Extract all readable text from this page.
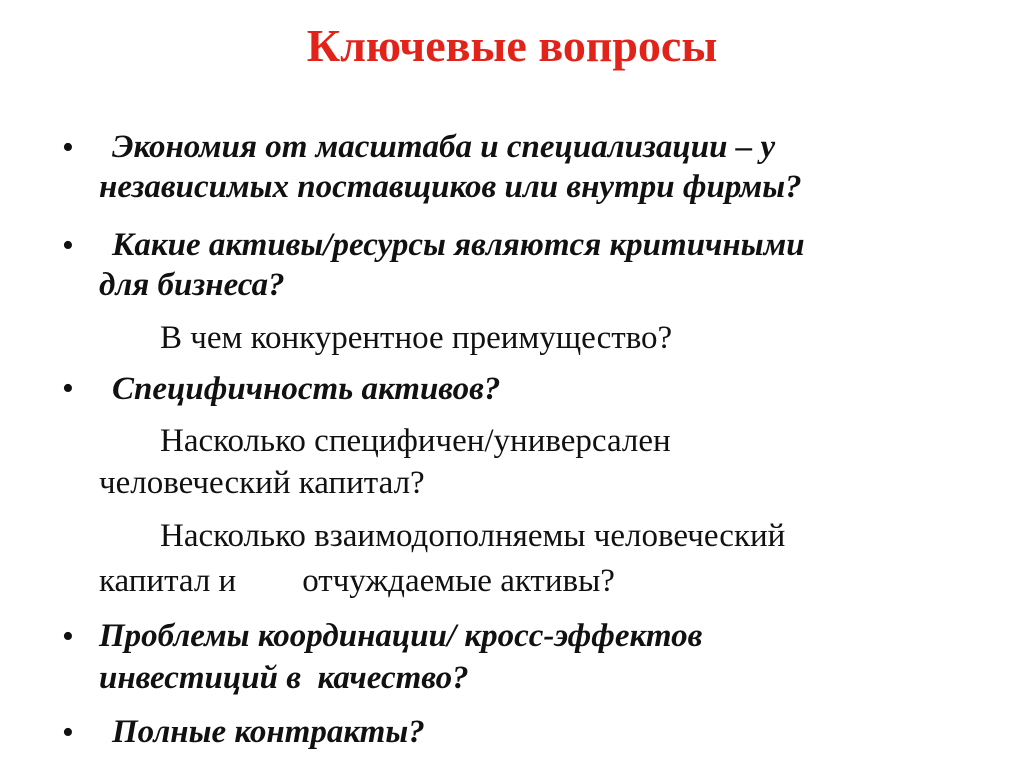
Ключевые вопросы
• Экономия от масштаба и специализации – у
независимых поставщиков или внутри фирмы?
• Какие активы/ресурсы являются критичными
для бизнеса?
В чем конкурентное преимущество?
• Специфичность активов?
Насколько специфичен/универсален
человеческий капитал?
Насколько взаимодополняемы человеческий
капитал и        отчуждаемые активы?
• Проблемы координации/ кросс-эффектов
инвестиций в  качество?
• Полные контракты?
